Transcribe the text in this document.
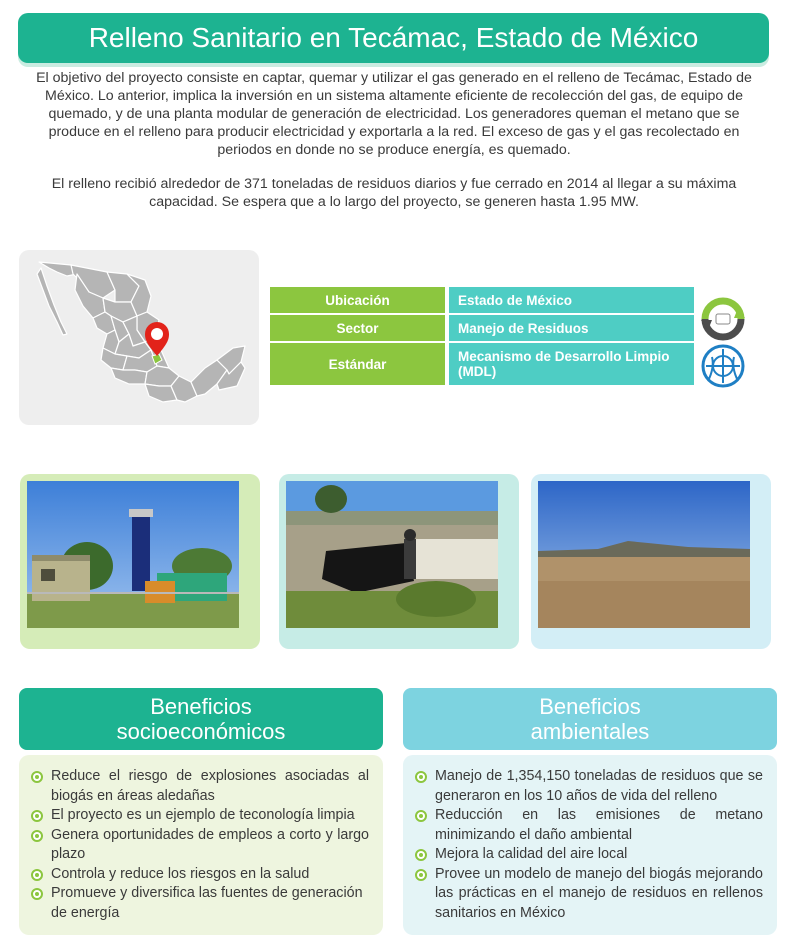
Relleno Sanitario en Tecámac, Estado de México

El objetivo del proyecto consiste en captar, quemar y utilizar el gas generado en el relleno de Tecámac, Estado de México. Lo anterior, implica la inversión en un sistema altamente eficiente de recolección del gas, de equipo de quemado, y de una planta modular de generación de electricidad. Los generadores queman el metano que se produce en el relleno para producir electricidad y exportarla a la red. El exceso de gas y el gas recolectado en periodos en donde no se produce energía, es quemado.

El relleno recibió alrededor de 371 toneladas de residuos diarios y fue cerrado en 2014 al llegar a su máxima capacidad. Se espera que a lo largo del proyecto, se generen hasta 1.95 MW.

Ubicación	Estado de México
Sector	Manejo de Residuos
Estándar	Mecanismo de Desarrollo Limpio (MDL)
Beneficios
socioeconómicos
Beneficios
ambientales
Reduce el riesgo de explosiones asociadas al biogás en áreas aledañas
El proyecto es un ejemplo de teconología limpia
Genera oportunidades de empleos a corto y largo plazo
Controla y reduce los riesgos en la salud
Promueve y diversifica las fuentes de generación de energía
Manejo de 1,354,150 toneladas de residuos que se generaron en los 10 años de vida del relleno
Reducción en las emisiones de metano minimizando el daño ambiental
Mejora la calidad del aire local
Provee un modelo de manejo del biogás mejorando las prácticas en el manejo de residuos en rellenos sanitarios en México
